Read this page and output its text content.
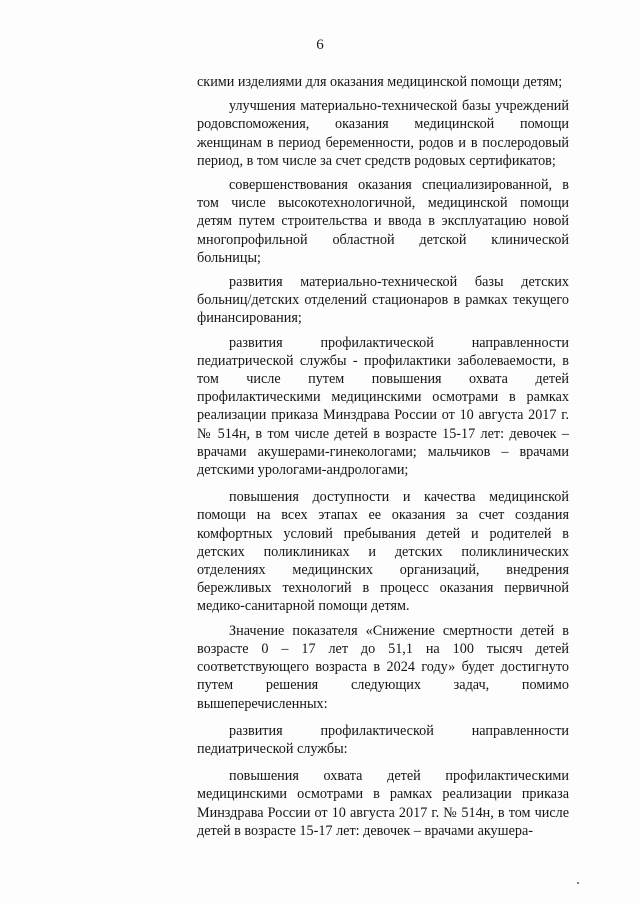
6

скими изделиями для оказания медицинской помощи детям;

улучшения материально-технической базы учреждений родовспоможения, оказания медицинской помощи женщинам в период беременности, родов и в послеродовый период, в том числе за счет средств родовых сертификатов;

совершенствования оказания специализированной, в том числе высокотехнологичной, медицинской помощи детям путем строительства и ввода в эксплуатацию новой многопрофильной областной детской клинической больницы;

развития материально-технической базы детских больниц/детских отделений стационаров в рамках текущего финансирования;

развития профилактической направленности педиатрической службы - профилактики заболеваемости, в том числе путем повышения охвата детей профилактическими медицинскими осмотрами в рамках реализации приказа Минздрава России от 10 августа 2017 г. № 514н, в том числе детей в возрасте 15-17 лет: девочек – врачами акушерами-гинекологами; мальчиков – врачами детскими урологами-андрологами;

повышения доступности и качества медицинской помощи на всех этапах ее оказания за счет создания комфортных условий пребывания детей и родителей в детских поликлиниках и детских поликлинических отделениях медицинских организаций, внедрения бережливых технологий в процесс оказания первичной медико-санитарной помощи детям.

Значение показателя «Снижение смертности детей в возрасте 0 – 17 лет до 51,1 на 100 тысяч детей соответствующего возраста в 2024 году» будет достигнуто путем решения следующих задач, помимо вышеперечисленных:

развития профилактической направленности педиатрической службы:

повышения охвата детей профилактическими медицинскими осмотрами в рамках реализации приказа Минздрава России от 10 августа 2017 г. № 514н, в том числе детей в возрасте 15-17 лет: девочек – врачами акушера-
